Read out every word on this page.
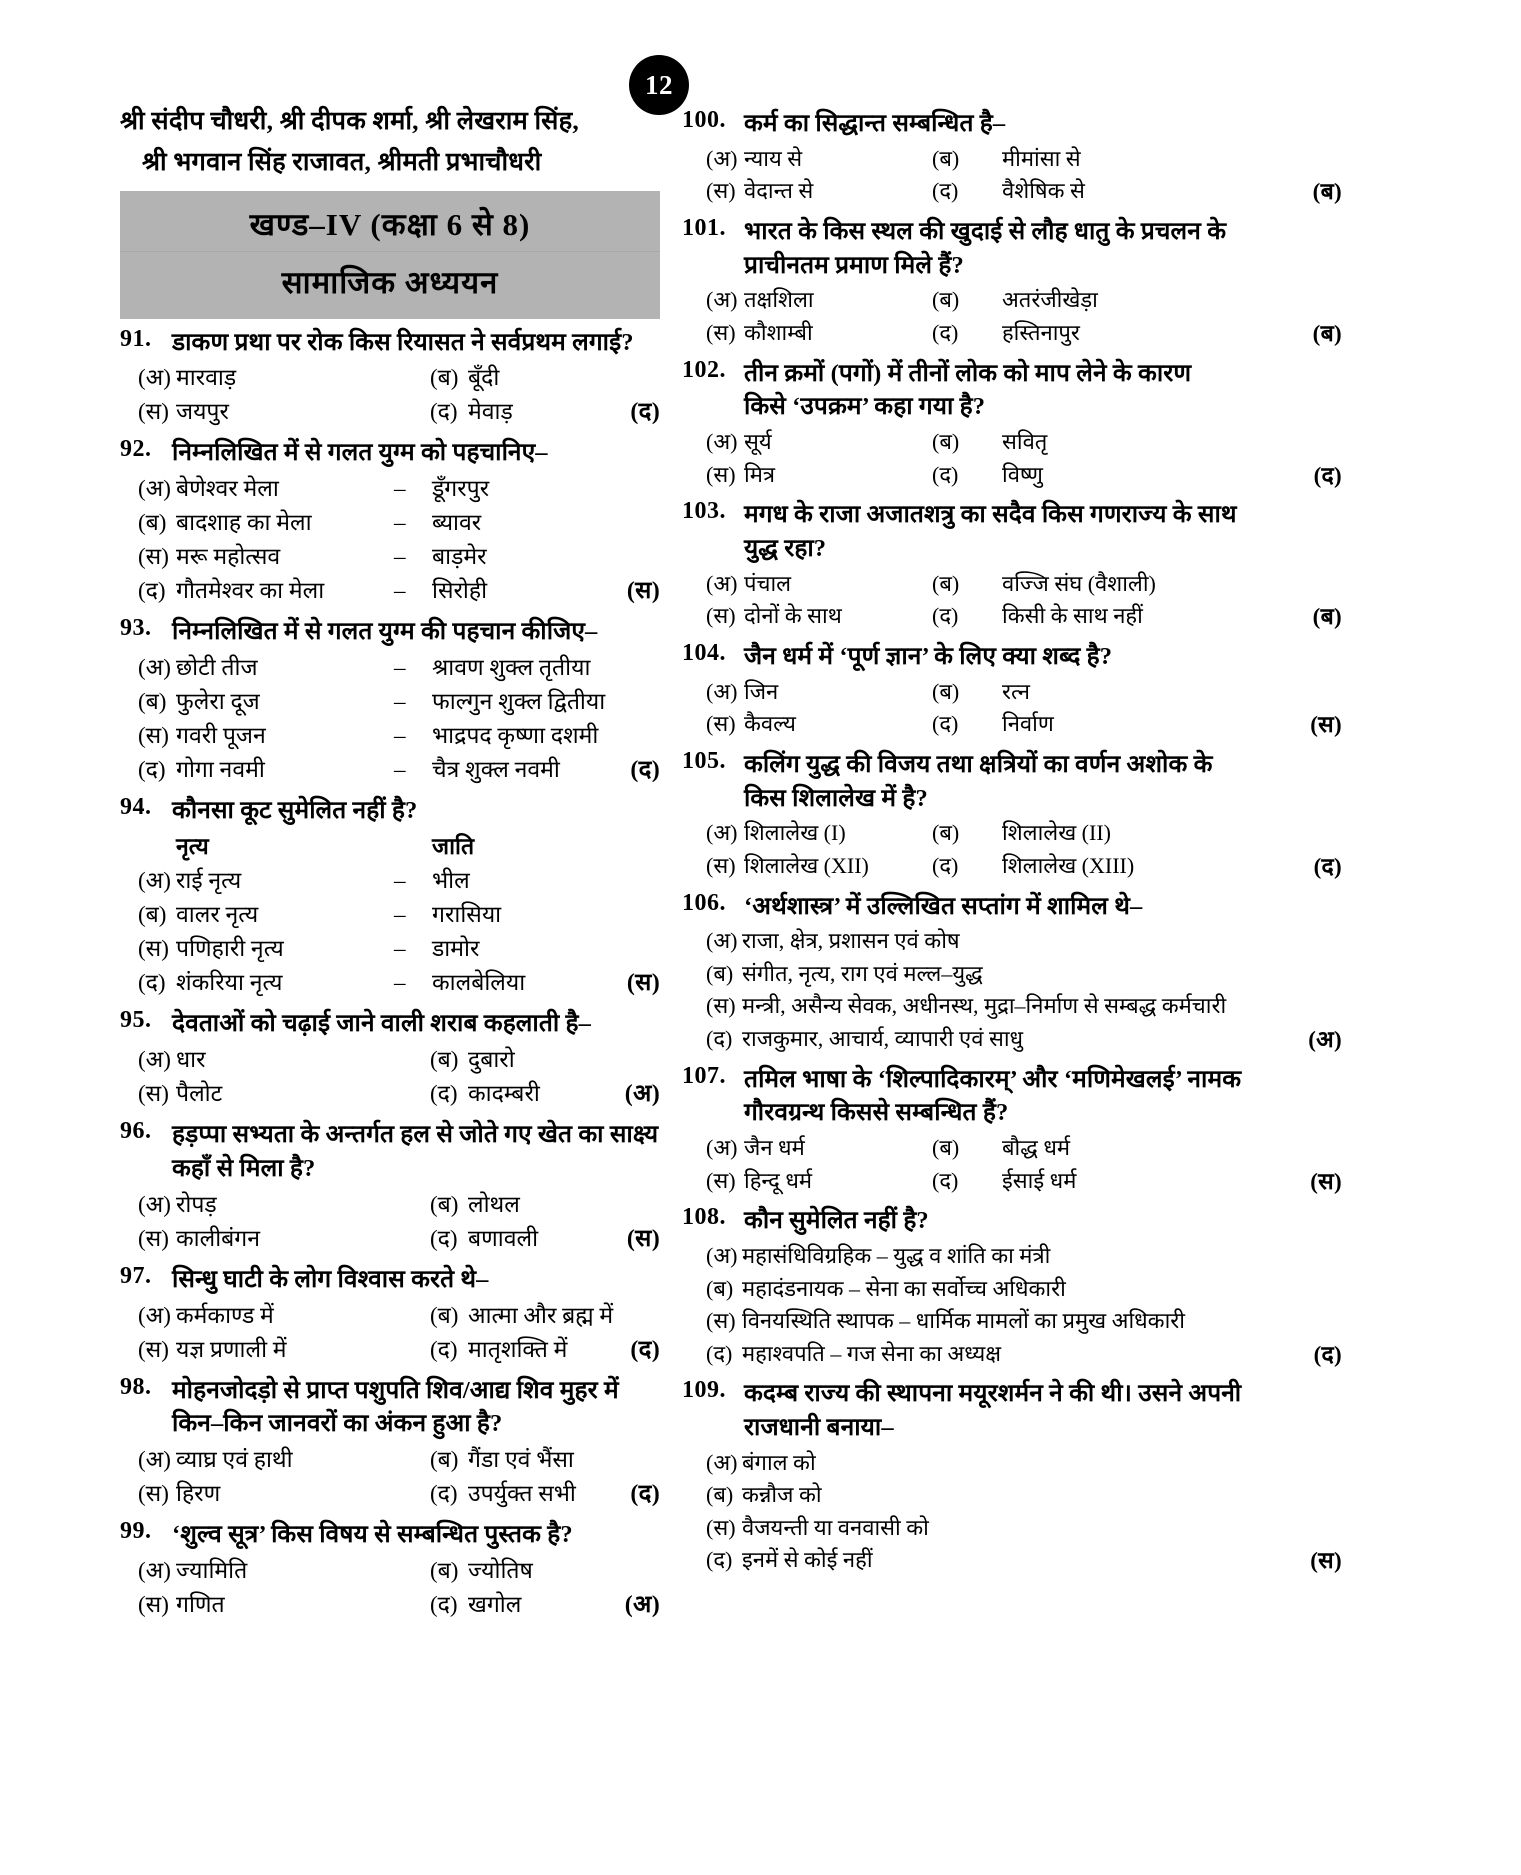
12
श्री संदीप चौधरी, श्री दीपक शर्मा, श्री लेखराम सिंह,
श्री भगवान सिंह राजावत, श्रीमती प्रभाचौधरी
खण्ड–IV (कक्षा 6 से 8)
सामाजिक अध्ययन
91. डाकण प्रथा पर रोक किस रियासत ने सर्वप्रथम लगाई?
(अ) मारवाड़	(ब) बूँदी
(स) जयपुर	(द) मेवाड़	(द)
92. निम्नलिखित में से गलत युग्म को पहचानिए–
(अ) बेणेश्वर मेला	–	डूँगरपुर
(ब) बादशाह का मेला	–	ब्यावर
(स) मरू महोत्सव	–	बाड़मेर
(द) गौतमेश्वर का मेला	–	सिरोही	(स)
93. निम्नलिखित में से गलत युग्म की पहचान कीजिए–
(अ) छोटी तीज	–	श्रावण शुक्ल तृतीया
(ब) फुलेरा दूज	–	फाल्गुन शुक्ल द्वितीया
(स) गवरी पूजन	–	भाद्रपद कृष्णा दशमी
(द) गोगा नवमी	–	चैत्र शुक्ल नवमी	(द)
94. कौनसा कूट सुमेलित नहीं है?
नृत्य	जाति
(अ) राई नृत्य	–	भील
(ब) वालर नृत्य	–	गरासिया
(स) पणिहारी नृत्य	–	डामोर
(द) शंकरिया नृत्य	–	कालबेलिया	(स)
95. देवताओं को चढ़ाई जाने वाली शराब कहलाती है–
(अ) धार	(ब) दुबारो
(स) पैलोट	(द) कादम्बरी	(अ)
96. हड़प्पा सभ्यता के अन्तर्गत हल से जोते गए खेत का साक्ष्य
कहाँ से मिला है?
(अ) रोपड़	(ब) लोथल
(स) कालीबंगन	(द) बणावली	(स)
97. सिन्धु घाटी के लोग विश्वास करते थे–
(अ) कर्मकाण्ड में	(ब) आत्मा और ब्रह्म में
(स) यज्ञ प्रणाली में	(द) मातृशक्ति में	(द)
98. मोहनजोदड़ो से प्राप्त पशुपति शिव/आद्य शिव मुहर में
किन–किन जानवरों का अंकन हुआ है?
(अ) व्याघ्र एवं हाथी	(ब) गैंडा एवं भैंसा
(स) हिरण	(द) उपर्युक्त सभी (द)
99. ‘शुल्व सूत्र’ किस विषय से सम्बन्धित पुस्तक है?
(अ) ज्यामिति	(ब) ज्योतिष
(स) गणित	(द) खगोल	(अ)
100. कर्म का सिद्धान्त सम्बन्धित है–
(अ) न्याय से	(ब)	मीमांसा से
(स) वेदान्त से	(द)	वैशेषिक से	(ब)
101. भारत के किस स्थल की खुदाई से लौह धातु के प्रचलन के
प्राचीनतम प्रमाण मिले हैं?
(अ) तक्षशिला	(ब)	अतरंजीखेड़ा
(स) कौशाम्बी	(द)	हस्तिनापुर	(ब)
102. तीन क्रमों (पगों) में तीनों लोक को माप लेने के कारण
किसे ‘उपक्रम’ कहा गया है?
(अ) सूर्य	(ब)	सवितृ
(स) मित्र	(द)	विष्णु	(द)
103. मगध के राजा अजातशत्रु का सदैव किस गणराज्य के साथ
युद्ध रहा?
(अ) पंचाल	(ब)	वज्जि संघ (वैशाली)
(स) दोनों के साथ	(द)	किसी के साथ नहीं	(ब)
104. जैन धर्म में ‘पूर्ण ज्ञान’ के लिए क्या शब्द है?
(अ) जिन	(ब)	रत्न
(स) कैवल्य	(द)	निर्वाण	(स)
105. कलिंग युद्ध की विजय तथा क्षत्रियों का वर्णन अशोक के
किस शिलालेख में है?
(अ) शिलालेख (I)	(ब)	शिलालेख (II)
(स) शिलालेख (XII)	(द)	शिलालेख (XIII)	(द)
106. ‘अर्थशास्त्र’ में उल्लिखित सप्तांग में शामिल थे–
(अ) राजा, क्षेत्र, प्रशासन एवं कोष
(ब) संगीत, नृत्य, राग एवं मल्ल–युद्ध
(स) मन्त्री, असैन्य सेवक, अधीनस्थ, मुद्रा–निर्माण से सम्बद्ध कर्मचारी
(द) राजकुमार, आचार्य, व्यापारी एवं साधु	(अ)
107. तमिल भाषा के ‘शिल्पादिकारम्’ और ‘मणिमेखलई’ नामक
गौरवग्रन्थ किससे सम्बन्धित हैं?
(अ) जैन धर्म	(ब)	बौद्ध धर्म
(स) हिन्दू धर्म	(द)	ईसाई धर्म	(स)
108. कौन सुमेलित नहीं है?
(अ) महासंधिविग्रहिक – युद्ध व शांति का मंत्री
(ब) महादंडनायक – सेना का सर्वोच्च अधिकारी
(स) विनयस्थिति स्थापक – धार्मिक मामलों का प्रमुख अधिकारी
(द) महाश्वपति – गज सेना का अध्यक्ष	(द)
109. कदम्ब राज्य की स्थापना मयूरशर्मन ने की थी। उसने अपनी
राजधानी बनाया–
(अ) बंगाल को
(ब) कन्नौज को
(स) वैजयन्ती या वनवासी को
(द) इनमें से कोई नहीं	(स)
